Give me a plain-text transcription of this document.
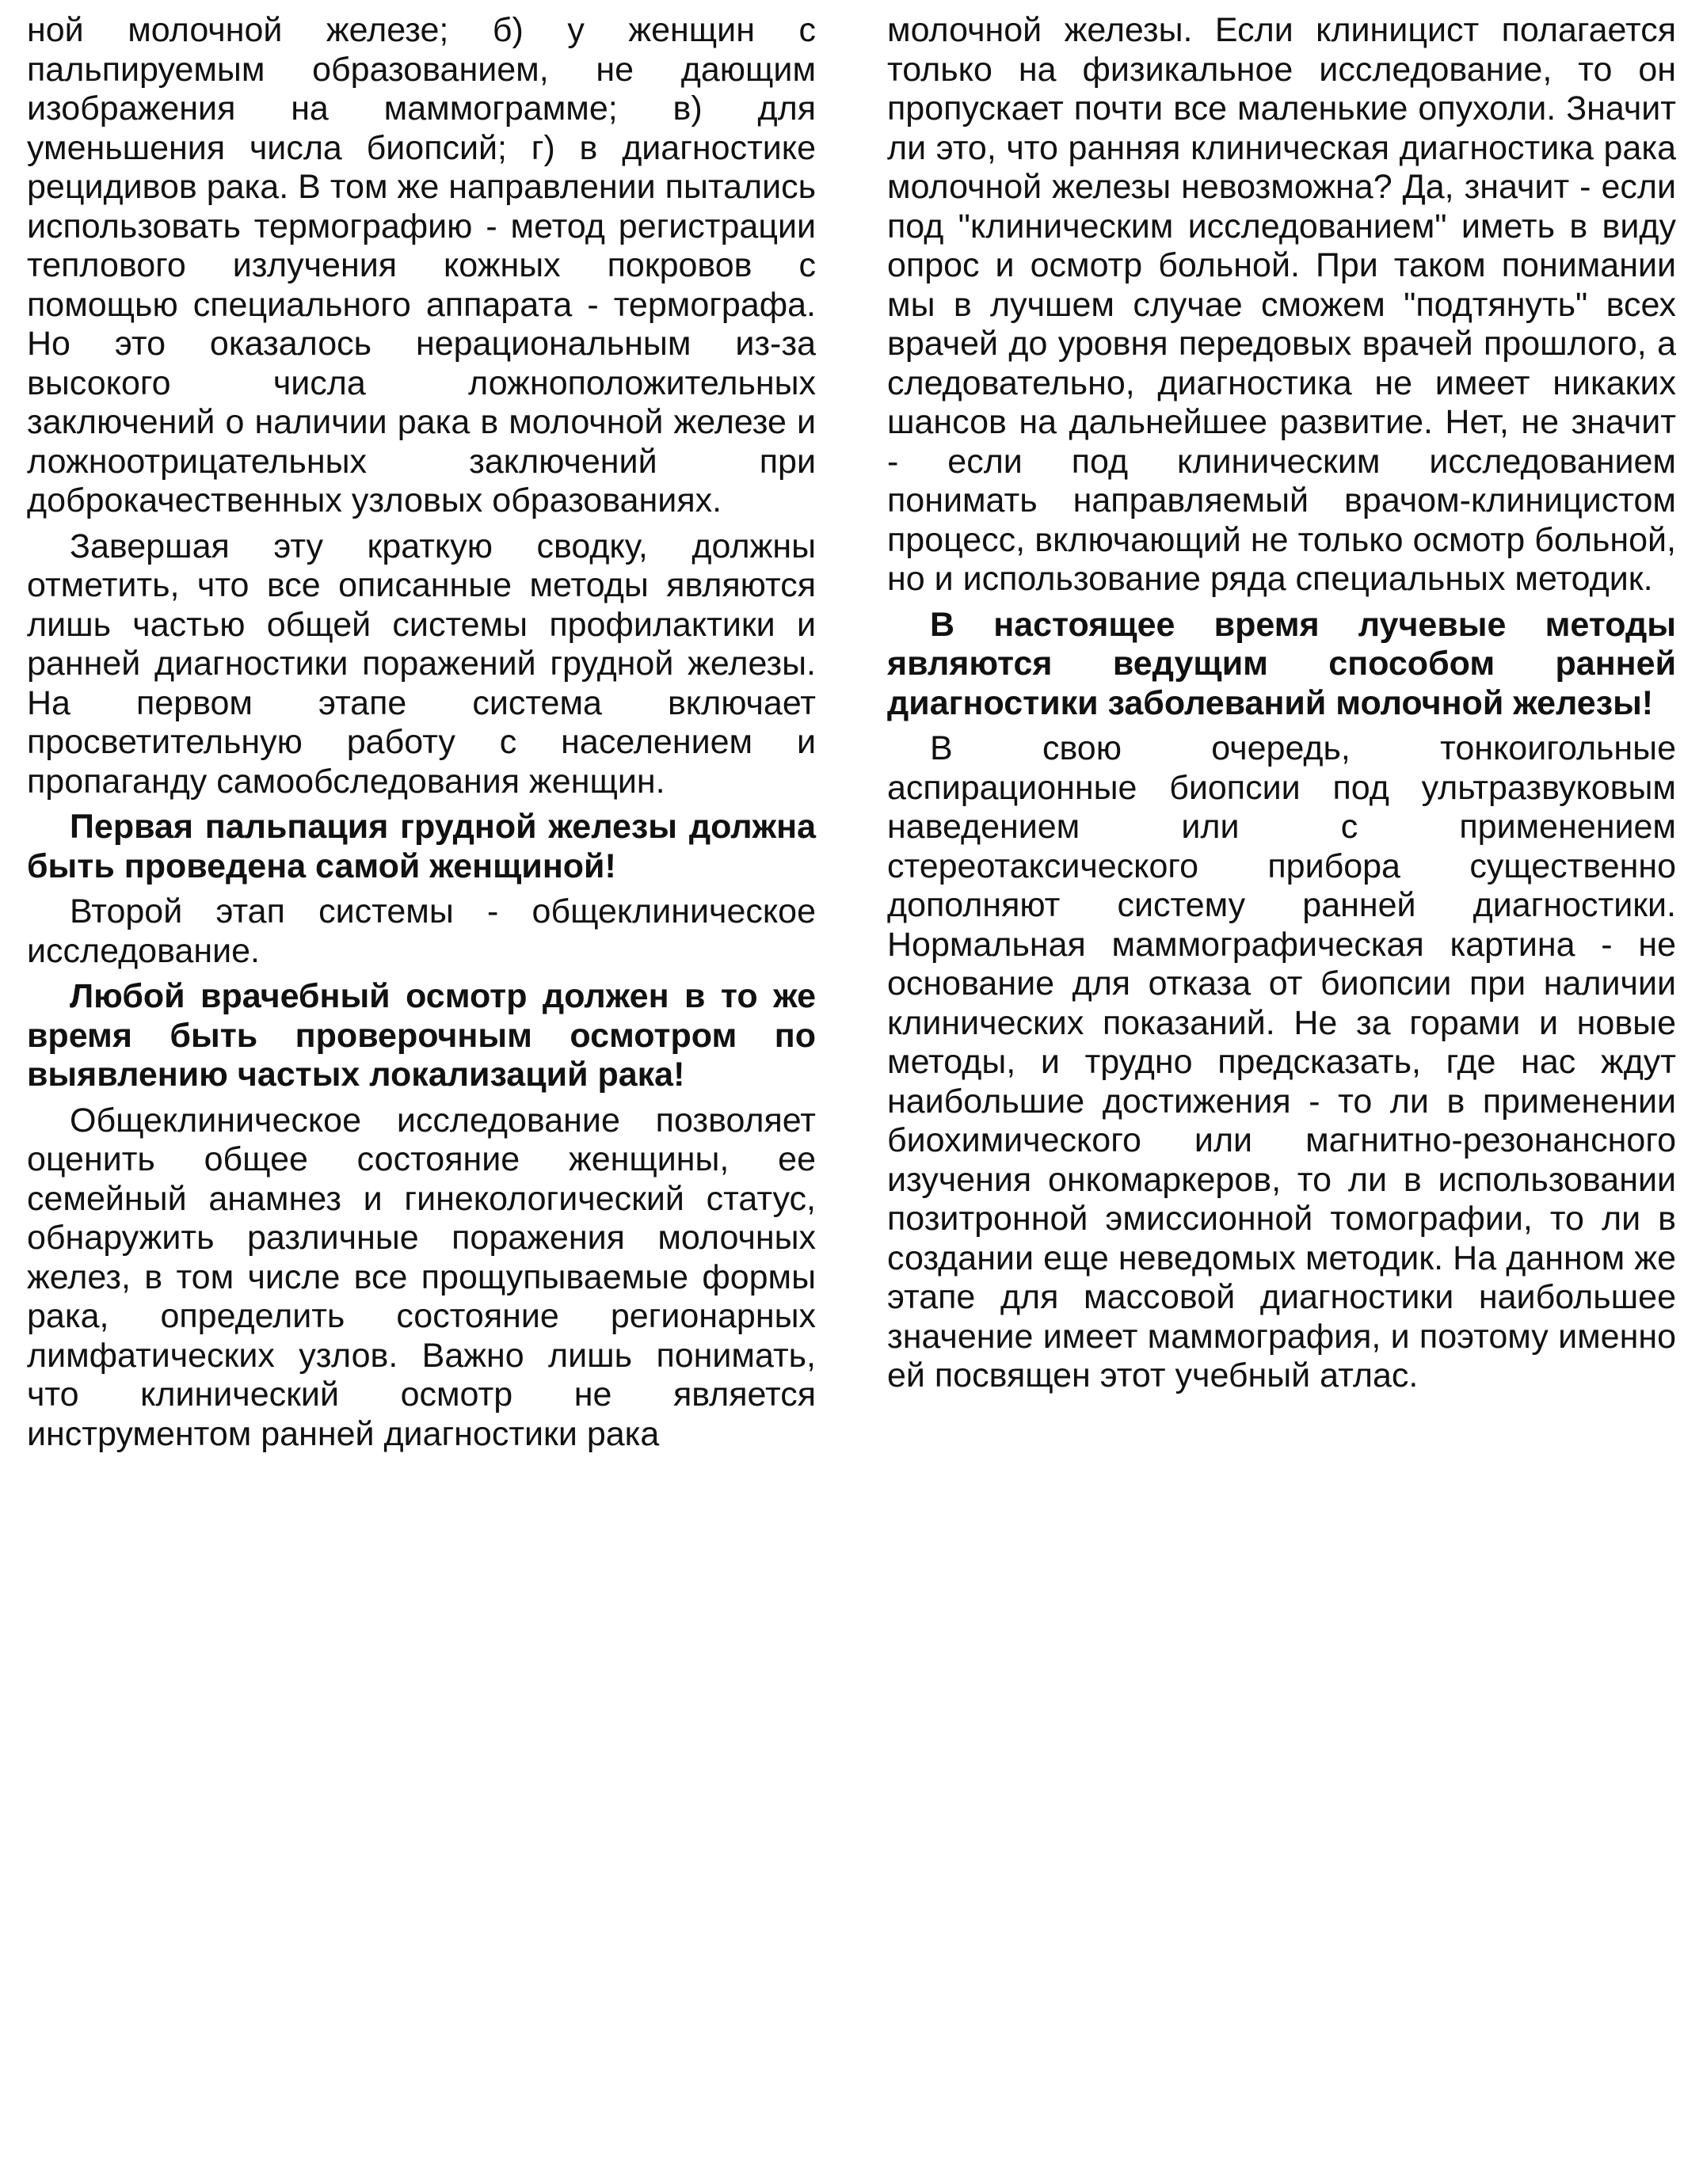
ной молочной железе; б) у женщин с пальпируемым образованием, не дающим изображения на маммограмме; в) для уменьшения числа биопсий; г) в диагностике рецидивов рака. В том же направлении пытались использовать термографию - метод регистрации теплового излучения кожных покровов с помощью специального аппарата - термографа. Но это оказалось нерациональным из-за высокого числа ложноположительных заключений о наличии рака в молочной железе и ложноотрицательных заключений при доброкачественных узловых образованиях.

Завершая эту краткую сводку, должны отметить, что все описанные методы являются лишь частью общей системы профилактики и ранней диагностики поражений грудной железы. На первом этапе система включает просветительную работу с населением и пропаганду самообследования женщин.

Первая пальпация грудной железы должна быть проведена самой женщиной!

Второй этап системы - общеклиническое исследование.

Любой врачебный осмотр должен в то же время быть проверочным осмотром по выявлению частых локализаций рака!

Общеклиническое исследование позволяет оценить общее состояние женщины, ее семейный анамнез и гинекологический статус, обнаружить различные поражения молочных желез, в том числе все прощупываемые формы рака, определить состояние регионарных лимфатических узлов. Важно лишь понимать, что клинический осмотр не является инструментом ранней диагностики рака

молочной железы. Если клиницист полагается только на физикальное исследование, то он пропускает почти все маленькие опухоли. Значит ли это, что ранняя клиническая диагностика рака молочной железы невозможна? Да, значит - если под "клиническим исследованием" иметь в виду опрос и осмотр больной. При таком понимании мы в лучшем случае сможем "подтянуть" всех врачей до уровня передовых врачей прошлого, а следовательно, диагностика не имеет никаких шансов на дальнейшее развитие. Нет, не значит - если под клиническим исследованием понимать направляемый врачом-клиницистом процесс, включающий не только осмотр больной, но и использование ряда специальных методик.

В настоящее время лучевые методы являются ведущим способом ранней диагностики заболеваний молочной железы!

В свою очередь, тонкоигольные аспирационные биопсии под ультразвуковым наведением или с применением стереотаксического прибора существенно дополняют систему ранней диагностики. Нормальная маммографическая картина - не основание для отказа от биопсии при наличии клинических показаний. Не за горами и новые методы, и трудно предсказать, где нас ждут наибольшие достижения - то ли в применении биохимического или магнитно-резонансного изучения онкомаркеров, то ли в использовании позитронной эмиссионной томографии, то ли в создании еще неведомых методик. На данном же этапе для массовой диагностики наибольшее значение имеет маммография, и поэтому именно ей посвящен этот учебный атлас.
